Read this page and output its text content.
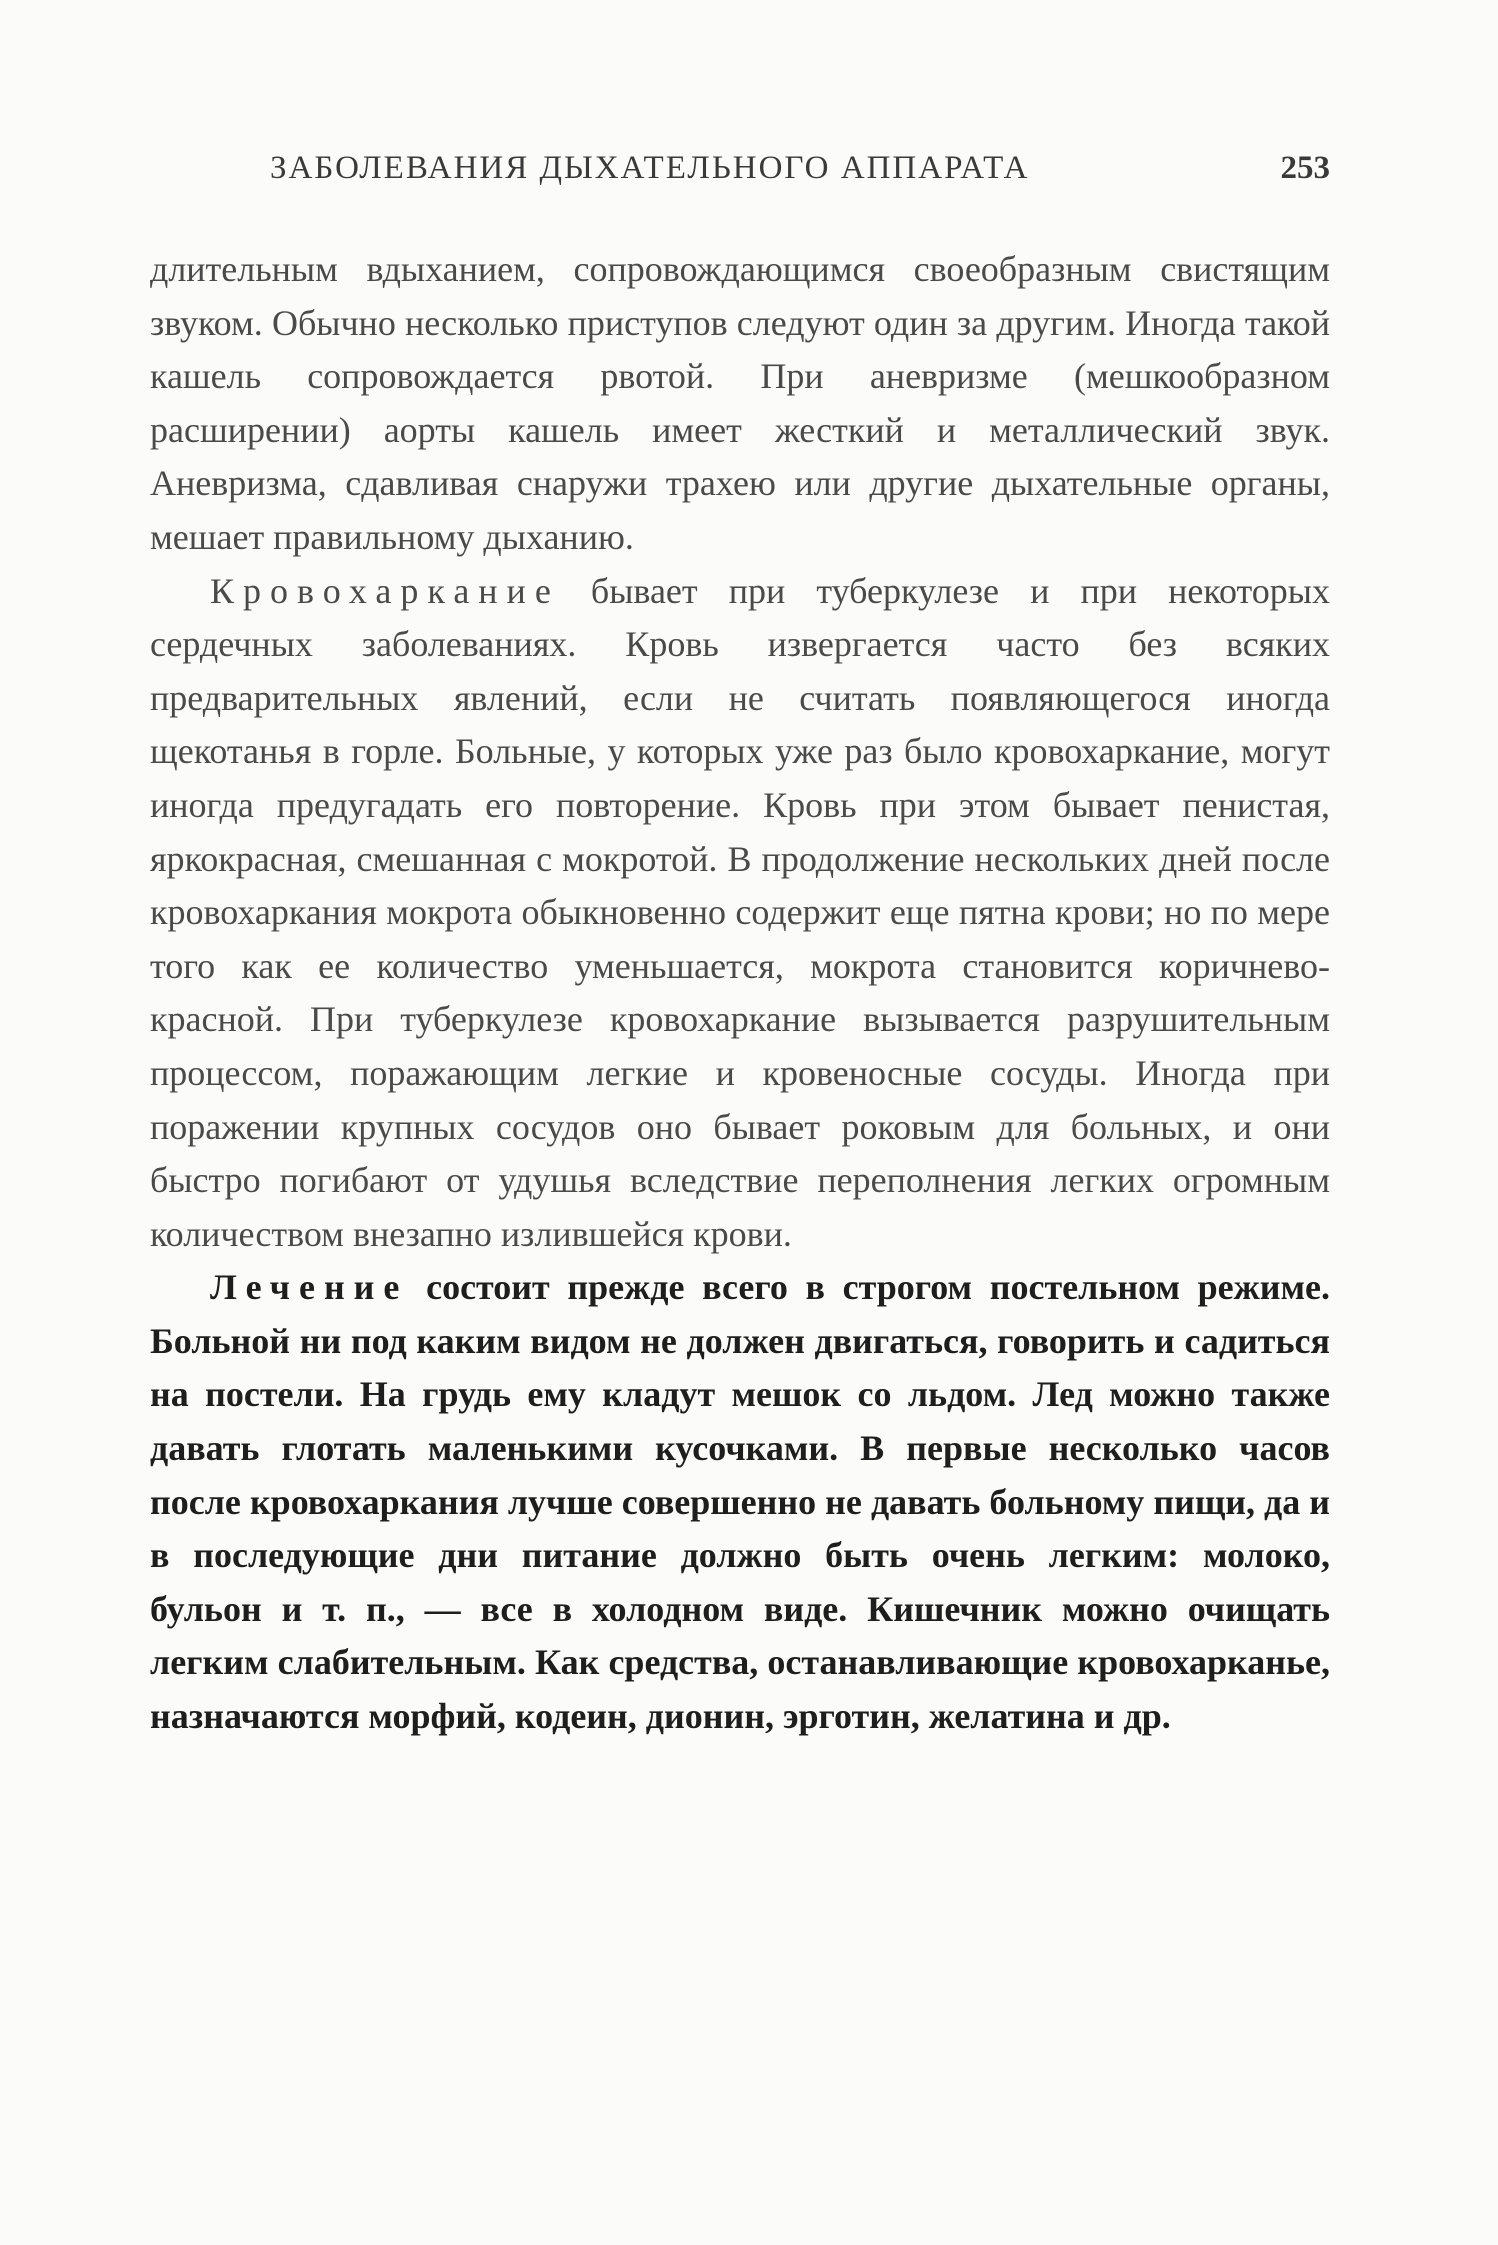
ЗАБОЛЕВАНИЯ ДЫХАТЕЛЬНОГО АППАРАТА	253

длительным вдыханием, сопровождающимся своеобразным свистящим звуком. Обычно несколько приступов следуют один за другим. Иногда такой кашель сопровождается рвотой. При аневризме (мешкообразном расширении) аорты кашель имеет жесткий и металлический звук. Аневризма, сдавливая снаружи трахею или другие дыхательные органы, мешает правильному дыханию.

Кровохаркание бывает при туберкулезе и при некоторых сердечных заболеваниях. Кровь извергается часто без всяких предварительных явлений, если не считать появляющегося иногда щекотанья в горле. Больные, у которых уже раз было кровохаркание, могут иногда предугадать его повторение. Кровь при этом бывает пенистая, яркокрасная, смешанная с мокротой. В продолжение нескольких дней после кровохаркания мокрота обыкновенно содержит еще пятна крови; но по мере того как ее количество уменьшается, мокрота становится коричнево-красной. При туберкулезе кровохаркание вызывается разрушительным процессом, поражающим легкие и кровеносные сосуды. Иногда при поражении крупных сосудов оно бывает роковым для больных, и они быстро погибают от удушья вследствие переполнения легких огромным количеством внезапно излившейся крови.

Лечение состоит прежде всего в строгом постельном режиме. Больной ни под каким видом не должен двигаться, говорить и садиться на постели. На грудь ему кладут мешок со льдом. Лед можно также давать глотать маленькими кусочками. В первые несколько часов после кровохаркания лучше совершенно не давать больному пищи, да и в последующие дни питание должно быть очень легким: молоко, бульон и т. п., — все в холодном виде. Кишечник можно очищать легким слабительным. Как средства, останавливающие кровохарканье, назначаются морфий, кодеин, дионин, эрготин, желатина и др.
